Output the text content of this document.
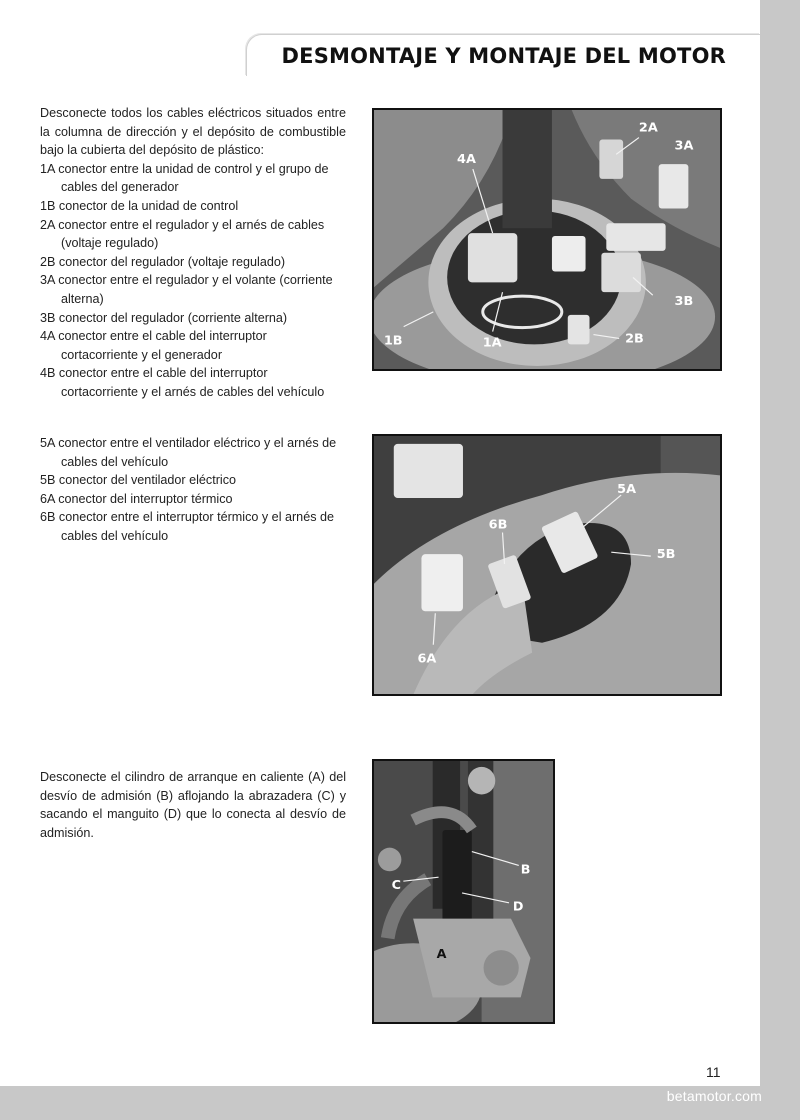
DESMONTAJE Y MONTAJE DEL MOTOR

Desconecte todos los cables eléctricos situados entre la columna de dirección y el depósito de combustible bajo la cubierta del depósito de plástico:

1A conector entre la unidad de control y el grupo de cables del generador

1B conector de la unidad de control

2A conector entre el regulador y el arnés de cables (voltaje regulado)

2B conector del regulador (voltaje regulado)

3A conector entre el regulador y el volante (corriente alterna)

3B conector del regulador (corriente alterna)

4A conector entre el cable del interruptor cortacorriente y el generador

4B conector entre el cable del interruptor cortacorriente y el arnés de cables del vehículo

2A
3A
4A
3B
1B	1A	2B

5A conector entre el ventilador eléctrico y el arnés de cables del vehículo

5B conector del ventilador eléctrico

6A conector del interruptor térmico

6B conector entre el interruptor térmico y el arnés de cables del vehículo

5A
6B
5B
6A

Desconecte el cilindro de arranque en caliente (A) del desvío de admisión (B) aflojando la abrazadera (C) y sacando el manguito (D) que lo conecta al desvío de admisión.

B
C
D
A
11
betamotor.com
